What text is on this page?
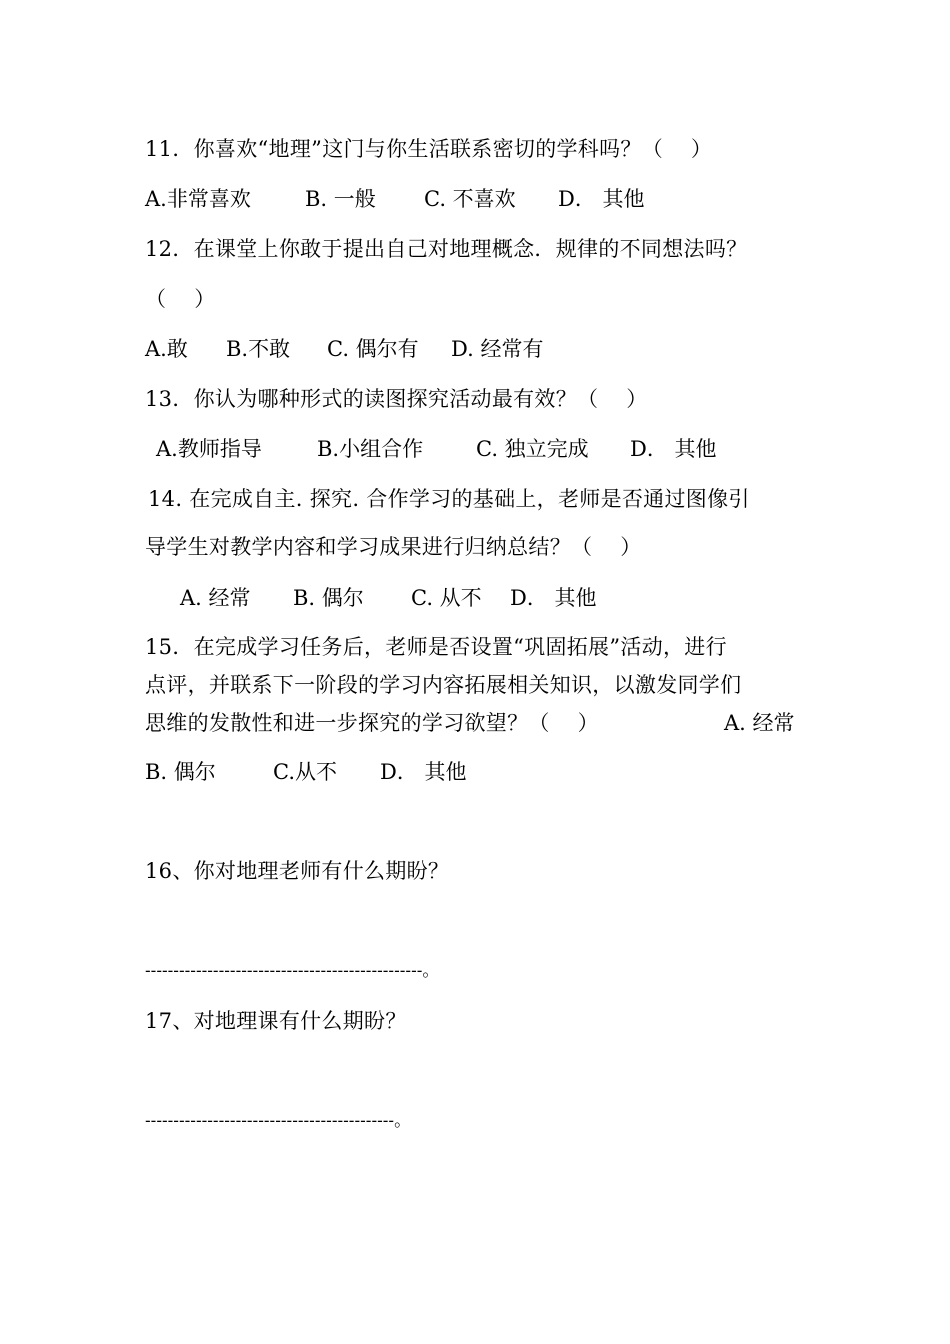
11．你喜欢“地理”这门与你生活联系密切的学科吗？（    ）
A.非常喜欢	B. 一般 C. 不喜欢 D． 其他
12．在课堂上你敢于提出自己对地理概念．规律的不同想法吗？
（    ）
A.敢 B.不敢 C. 偶尔有 D. 经常有
13．你认为哪种形式的读图探究活动最有效？（    ）
A.教师指导	B.小组合作	C. 独立完成 D． 其他
14. 在完成自主. 探究. 合作学习的基础上，老师是否通过图像引
导学生对教学内容和学习成果进行归纳总结？（    ）
A. 经常 B. 偶尔 C. 从不 D． 其他
15．在完成学习任务后，老师是否设置“巩固拓展”活动，进行
点评，并联系下一阶段的学习内容拓展相关知识，以激发同学们
思维的发散性和进一步探究的学习欲望？（    ）	A. 经常
B. 偶尔	C.从不 D． 其他
16、你对地理老师有什么期盼？
-------------------------------------------------。
17、对地理课有什么期盼？
--------------------------------------------。
